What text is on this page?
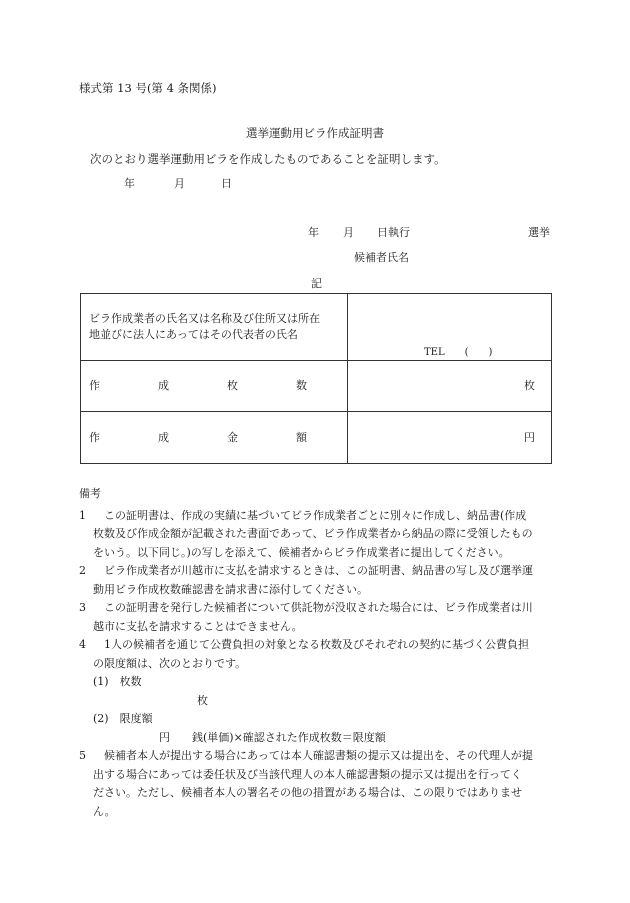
様式第 13 号(第 4 条関係)
選挙運動用ビラ作成証明書
次のとおり選挙運動用ビラを作成したものであることを証明します。
年	月	日
年 月 日執行	選挙
候補者氏名
記
ビラ作成業者の氏名又は名称及び住所又は所在
地並びに法人にあってはその代表者の氏名	TEL　　(　　)

作 成 枚 数	枚

作 成 金 額	円
備考
1 　この証明書は、作成の実績に基づいてビラ作成業者ごとに別々に作成し、納品書(作成
枚数及び作成金額が記載された書面であって、ビラ作成業者から納品の際に受領したもの
をいう。以下同じ。)の写しを添えて、候補者からビラ作成業者に提出してください。
2 　ビラ作成業者が川越市に支払を請求するときは、この証明書、納品書の写し及び選挙運
動用ビラ作成枚数確認書を請求書に添付してください。
3 　この証明書を発行した候補者について供託物が没収された場合には、ビラ作成業者は川
越市に支払を請求することはできません。
4 　1人の候補者を通じて公費負担の対象となる枚数及びそれぞれの契約に基づく公費負担
の限度額は、次のとおりです。
(1)　枚数
枚
(2)　限度額
円　　銭(単価)×確認された作成枚数＝限度額
5 　候補者本人が提出する場合にあっては本人確認書類の提示又は提出を、その代理人が提
出する場合にあっては委任状及び当該代理人の本人確認書類の提示又は提出を行ってく
ださい。ただし、候補者本人の署名その他の措置がある場合は、この限りではありませ
ん。
